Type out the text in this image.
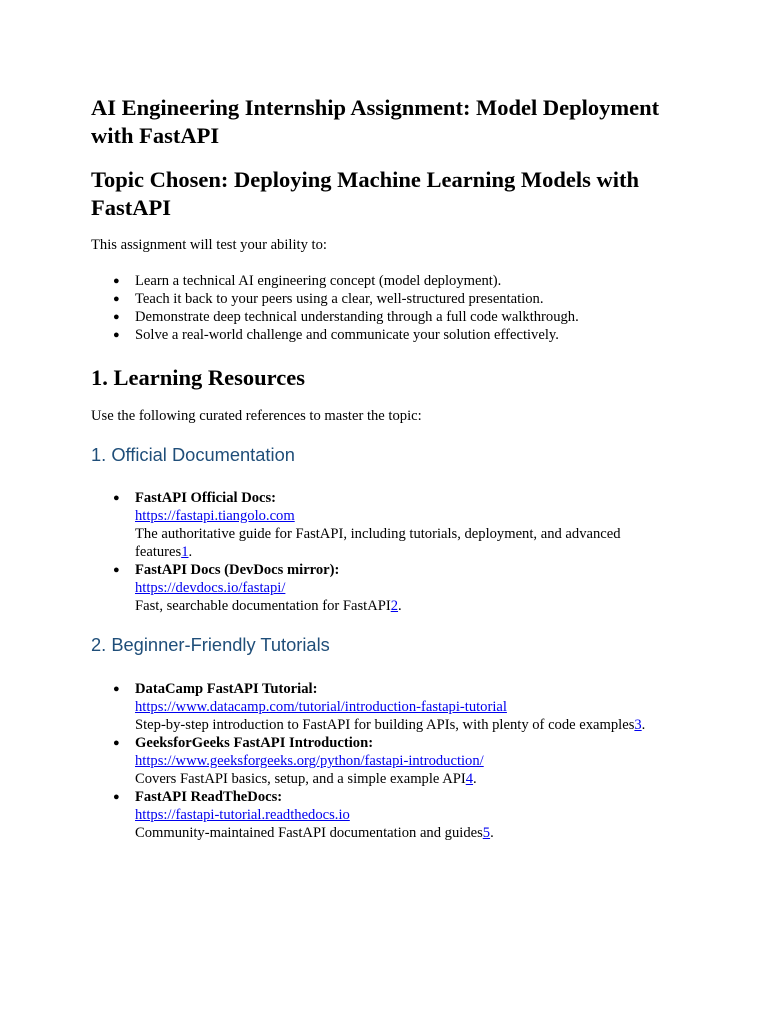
AI Engineering Internship Assignment: Model Deployment with FastAPI
Topic Chosen: Deploying Machine Learning Models with FastAPI

This assignment will test your ability to:

● Learn a technical AI engineering concept (model deployment).
● Teach it back to your peers using a clear, well-structured presentation.
● Demonstrate deep technical understanding through a full code walkthrough.
● Solve a real-world challenge and communicate your solution effectively.
1. Learning Resources

Use the following curated references to master the topic:

1. Official Documentation
● FastAPI Official Docs:
https://fastapi.tiangolo.com
The authoritative guide for FastAPI, including tutorials, deployment, and advanced features1.
● FastAPI Docs (DevDocs mirror):
https://devdocs.io/fastapi/
Fast, searchable documentation for FastAPI2.
2. Beginner-Friendly Tutorials
● DataCamp FastAPI Tutorial:
https://www.datacamp.com/tutorial/introduction-fastapi-tutorial
Step-by-step introduction to FastAPI for building APIs, with plenty of code examples3.
● GeeksforGeeks FastAPI Introduction:
https://www.geeksforgeeks.org/python/fastapi-introduction/
Covers FastAPI basics, setup, and a simple example API4.
● FastAPI ReadTheDocs:
https://fastapi-tutorial.readthedocs.io
Community-maintained FastAPI documentation and guides5.
